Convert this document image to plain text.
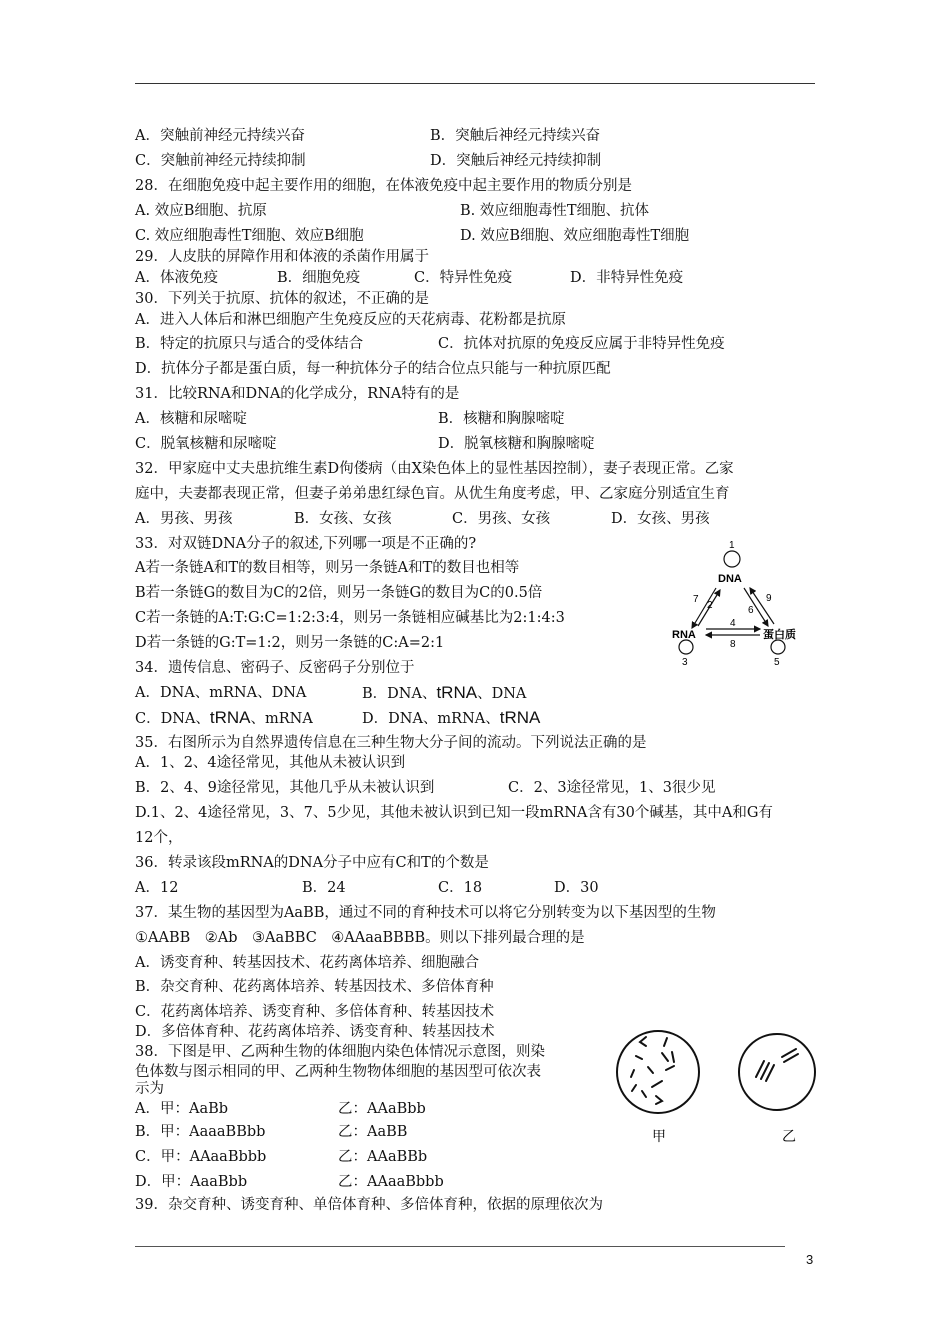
A．突触前神经元持续兴奋	B．突触后神经元持续兴奋
C．突触前神经元持续抑制	D．突触后神经元持续抑制
28．在细胞免疫中起主要作用的细胞，在体液免疫中起主要作用的物质分别是
A. 效应B细胞、抗原	B. 效应细胞毒性T细胞、抗体
C. 效应细胞毒性T细胞、效应B细胞	D. 效应B细胞、效应细胞毒性T细胞
29．人皮肤的屏障作用和体液的杀菌作用属于
A．体液免疫	B．细胞免疫	C．特异性免疫	D．非特异性免疫
30．下列关于抗原、抗体的叙述，不正确的是
A．进入人体后和淋巴细胞产生免疫反应的天花病毒、花粉都是抗原
B．特定的抗原只与适合的受体结合	C．抗体对抗原的免疫反应属于非特异性免疫
D．抗体分子都是蛋白质，每一种抗体分子的结合位点只能与一种抗原匹配
31．比较RNA和DNA的化学成分，RNA特有的是
A．核糖和尿嘧啶	B．核糖和胸腺嘧啶
C．脱氧核糖和尿嘧啶	D．脱氧核糖和胸腺嘧啶
32．甲家庭中丈夫患抗维生素D佝偻病（由X染色体上的显性基因控制），妻子表现正常。乙家
庭中，夫妻都表现正常，但妻子弟弟患红绿色盲。从优生角度考虑，甲、乙家庭分别适宜生育
A．男孩、男孩	B．女孩、女孩	C．男孩、女孩	D．女孩、男孩
33．对双链DNA分子的叙述,下列哪一项是不正确的?
A若一条链A和T的数目相等，则另一条链A和T的数目也相等
B若一条链G的数目为C的2倍，则另一条链G的数目为C的0.5倍
C若一条链的A:T:G:C=1:2:3:4，则另一条链相应碱基比为2:1:4:3
D若一条链的G:T=1:2，则另一条链的C:A=2:1
34．遗传信息、密码子、反密码子分别位于
A．DNA、mRNA、DNA	B．DNA、tRNA、DNA
C．DNA、tRNA、mRNA	D．DNA、mRNA、tRNA
35．右图所示为自然界遗传信息在三种生物大分子间的流动。下列说法正确的是
A．1、2、4途径常见，其他从未被认识到
B．2、4、9途径常见，其他几乎从未被认识到	C．2、3途径常见，1、3很少见
D.1、2、4途径常见，3、7、5少见，其他未被认识到已知一段mRNA含有30个碱基，其中A和G有
12个，
36．转录该段mRNA的DNA分子中应有C和T的个数是
A．12	B．24	C．18	D．30
37．某生物的基因型为AaBB，通过不同的育种技术可以将它分别转变为以下基因型的生物
①AABB　②Ab　③AaBBC　④AAaaBBBB。则以下排列最合理的是
A．诱变育种、转基因技术、花药离体培养、细胞融合
B．杂交育种、花药离体培养、转基因技术、多倍体育种
C．花药离体培养、诱变育种、多倍体育种、转基因技术
D．多倍体育种、花药离体培养、诱变育种、转基因技术
38．下图是甲、乙两种生物的体细胞内染色体情况示意图，则染
色体数与图示相同的甲、乙两种生物物体细胞的基因型可依次表
示为
A．甲：AaBb	乙：AAaBbb
B．甲：AaaaBBbb	乙：AaBB
C．甲：AAaaBbbb	乙：AAaBBb
D．甲：AaaBbb	乙：AAaaBbbb
39．杂交育种、诱变育种、单倍体育种、多倍体育种，依据的原理依次为
1
DNA
7
2	6
9
RNA	蛋白质
4
8
3	5
甲	乙
3
